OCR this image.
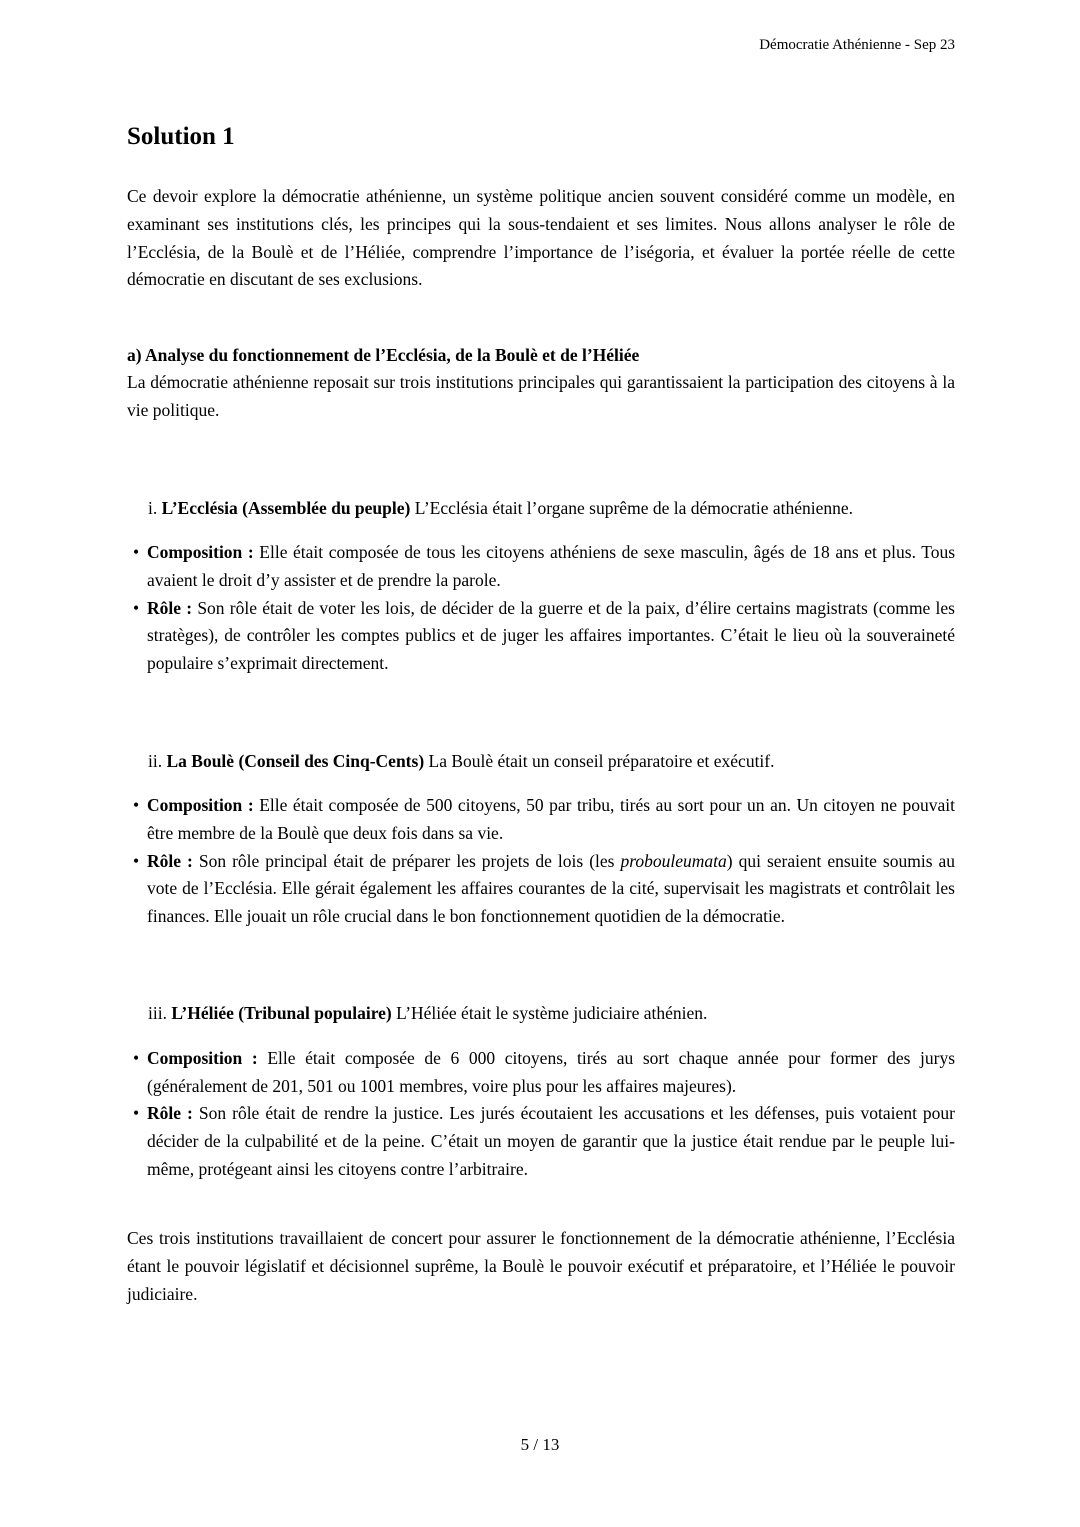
Démocratie Athénienne - Sep 23
Solution 1

Ce devoir explore la démocratie athénienne, un système politique ancien souvent considéré comme un modèle, en examinant ses institutions clés, les principes qui la sous-tendaient et ses limites. Nous allons analyser le rôle de l’Ecclésia, de la Boulè et de l’Héliée, comprendre l’importance de l’iségoria, et évaluer la portée réelle de cette démocratie en discutant de ses exclusions.

a) Analyse du fonctionnement de l’Ecclésia, de la Boulè et de l’Héliée

La démocratie athénienne reposait sur trois institutions principales qui garantissaient la participation des citoyens à la vie politique.

i. L’Ecclésia (Assemblée du peuple) L’Ecclésia était l’organe suprême de la démocratie athénienne.

• Composition : Elle était composée de tous les citoyens athéniens de sexe masculin, âgés de 18 ans et plus. Tous avaient le droit d’y assister et de prendre la parole.
• Rôle : Son rôle était de voter les lois, de décider de la guerre et de la paix, d’élire certains magistrats (comme les stratèges), de contrôler les comptes publics et de juger les affaires importantes. C’était le lieu où la souveraineté populaire s’exprimait directement.

ii. La Boulè (Conseil des Cinq-Cents) La Boulè était un conseil préparatoire et exécutif.

• Composition : Elle était composée de 500 citoyens, 50 par tribu, tirés au sort pour un an. Un citoyen ne pouvait être membre de la Boulè que deux fois dans sa vie.
• Rôle : Son rôle principal était de préparer les projets de lois (les probouleumata) qui seraient ensuite soumis au vote de l’Ecclésia. Elle gérait également les affaires courantes de la cité, supervisait les magistrats et contrôlait les finances. Elle jouait un rôle crucial dans le bon fonctionnement quotidien de la démocratie.

iii. L’Héliée (Tribunal populaire) L’Héliée était le système judiciaire athénien.

• Composition : Elle était composée de 6 000 citoyens, tirés au sort chaque année pour former des jurys (généralement de 201, 501 ou 1001 membres, voire plus pour les affaires majeures).
• Rôle : Son rôle était de rendre la justice. Les jurés écoutaient les accusations et les défenses, puis votaient pour décider de la culpabilité et de la peine. C’était un moyen de garantir que la justice était rendue par le peuple lui-même, protégeant ainsi les citoyens contre l’arbitraire.

Ces trois institutions travaillaient de concert pour assurer le fonctionnement de la démocratie athénienne, l’Ecclésia étant le pouvoir législatif et décisionnel suprême, la Boulè le pouvoir exécutif et préparatoire, et l’Héliée le pouvoir judiciaire.

5 / 13
